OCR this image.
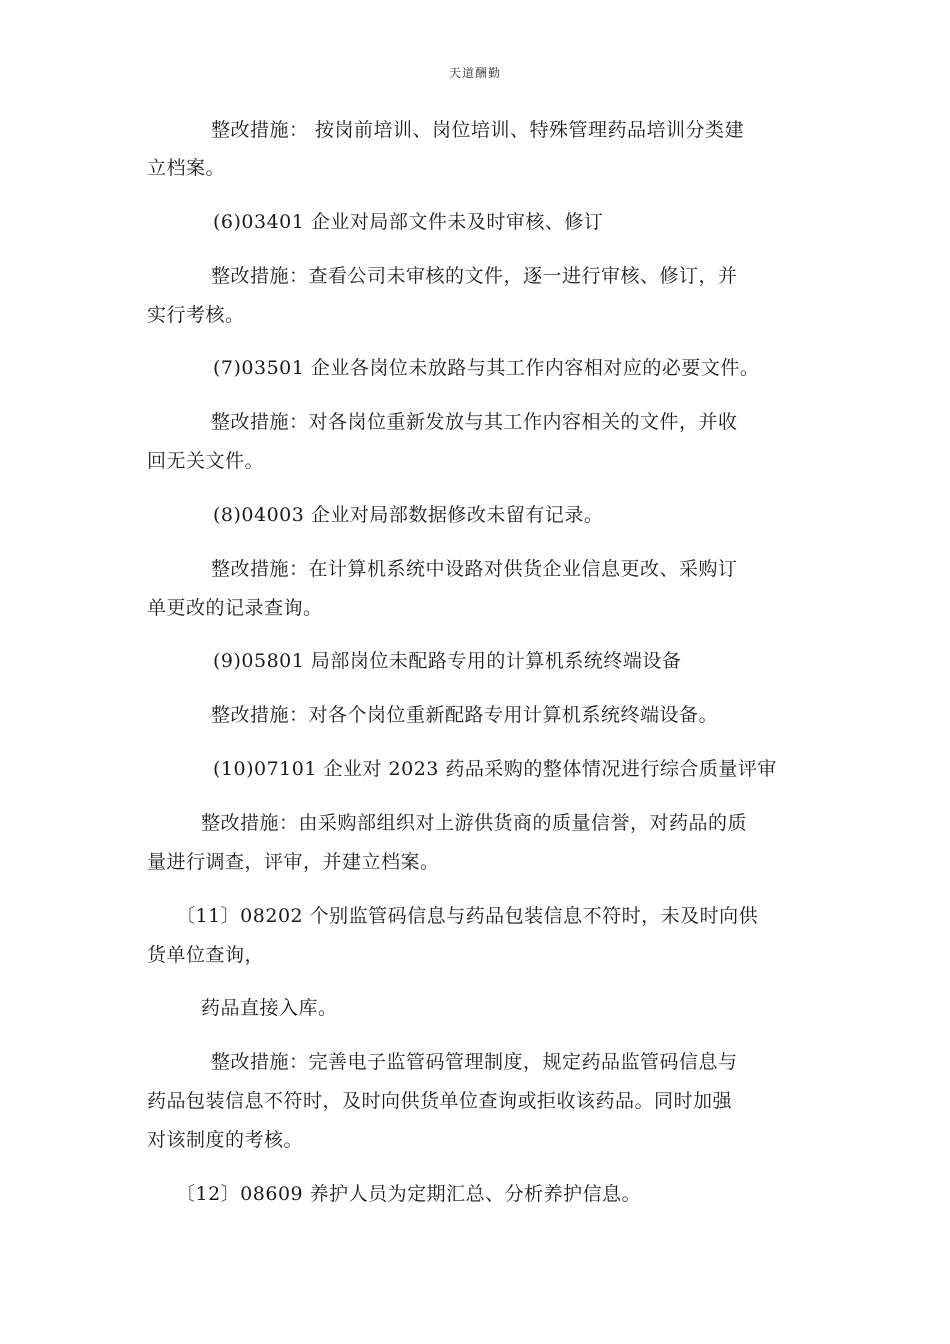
天道酬勤
整改措施： 按岗前培训、岗位培训、特殊管理药品培训分类建
立档案。
(6)03401 企业对局部文件未及时审核、修订
整改措施：查看公司未审核的文件，逐一进行审核、修订，并
实行考核。
(7)03501 企业各岗位未放路与其工作内容相对应的必要文件。
整改措施：对各岗位重新发放与其工作内容相关的文件，并收
回无关文件。
(8)04003 企业对局部数据修改未留有记录。
整改措施：在计算机系统中设路对供货企业信息更改、采购订
单更改的记录查询。
(9)05801 局部岗位未配路专用的计算机系统终端设备
整改措施：对各个岗位重新配路专用计算机系统终端设备。
(10)07101 企业对 2023 药品采购的整体情况进行综合质量评审
整改措施：由采购部组织对上游供货商的质量信誉，对药品的质
量进行调查，评审，并建立档案。
〔11〕08202 个别监管码信息与药品包装信息不符时，未及时向供
货单位查询，
药品直接入库。
整改措施：完善电子监管码管理制度，规定药品监管码信息与
药品包装信息不符时，及时向供货单位查询或拒收该药品。同时加强
对该制度的考核。
〔12〕08609 养护人员为定期汇总、分析养护信息。
